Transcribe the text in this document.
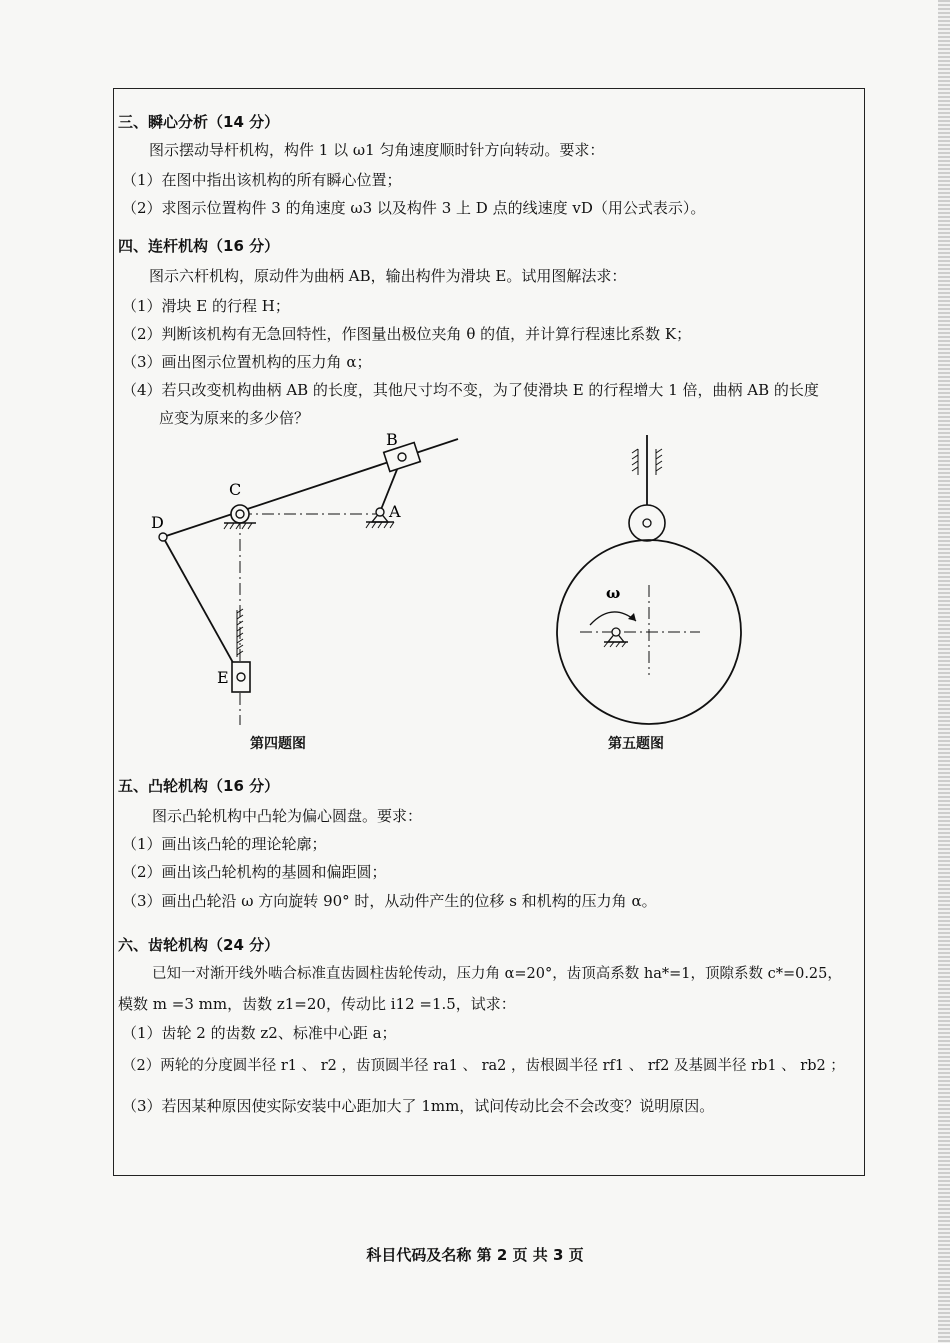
三、瞬心分析（14 分）
图示摆动导杆机构，构件 1 以 ω1 匀角速度顺时针方向转动。要求：
（1）在图中指出该机构的所有瞬心位置；
（2）求图示位置构件 3 的角速度 ω3 以及构件 3 上 D 点的线速度 vD（用公式表示）。
四、连杆机构（16 分）
图示六杆机构，原动件为曲柄 AB，输出构件为滑块 E。试用图解法求：
（1）滑块 E 的行程 H；
（2）判断该机构有无急回特性，作图量出极位夹角 θ 的值，并计算行程速比系数 K；
（3）画出图示位置机构的压力角 α；
（4）若只改变机构曲柄 AB 的长度，其他尺寸均不变，为了使滑块 E 的行程增大 1 倍，曲柄 AB 的长度
应变为原来的多少倍？
B
C
D
A
E
第四题图
ω
第五题图
五、凸轮机构（16 分）
图示凸轮机构中凸轮为偏心圆盘。要求：
（1）画出该凸轮的理论轮廓；
（2）画出该凸轮机构的基圆和偏距圆；
（3）画出凸轮沿 ω 方向旋转 90° 时，从动件产生的位移 s 和机构的压力角 α。
六、齿轮机构（24 分）
已知一对渐开线外啮合标准直齿圆柱齿轮传动，压力角 α=20°，齿顶高系数 ha*=1，顶隙系数 c*=0.25，
模数 m =3 mm，齿数 z1=20，传动比 i12 =1.5，试求：
（1）齿轮 2 的齿数 z2、标准中心距 a；
（2）两轮的分度圆半径 r1 、 r2 ，齿顶圆半径 ra1 、 ra2 ，齿根圆半径 rf1 、 rf2 及基圆半径 rb1 、 rb2 ；
（3）若因某种原因使实际安装中心距加大了 1mm，试问传动比会不会改变？说明原因。
科目代码及名称 第 2 页 共 3 页
